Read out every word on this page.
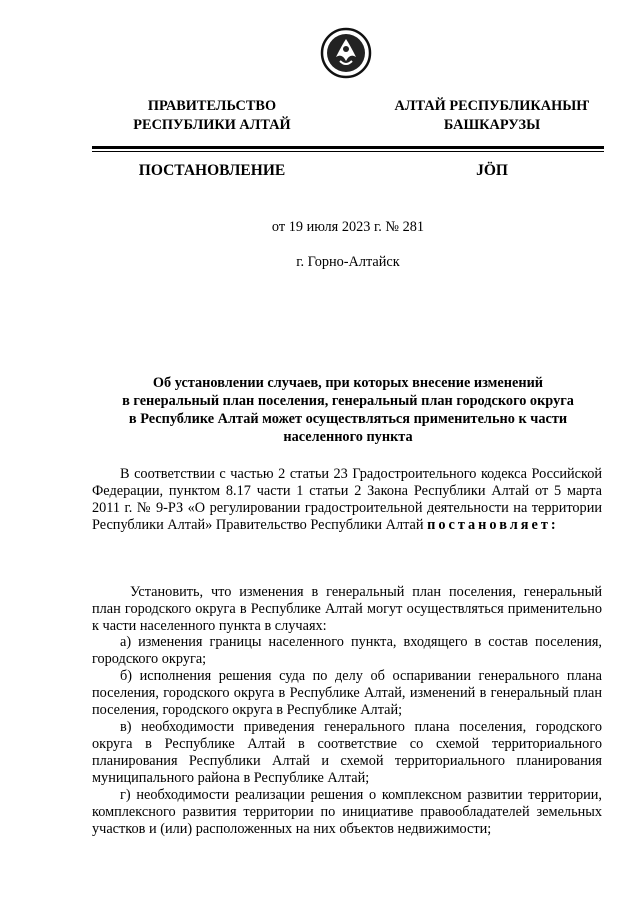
ПРАВИТЕЛЬСТВО
РЕСПУБЛИКИ АЛТАЙ
АЛТАЙ РЕСПУБЛИКАНЫҤ
БАШКАРУЗЫ
ПОСТАНОВЛЕНИЕ	JÖП
от 19 июля 2023 г. № 281
г. Горно-Алтайск
Об установлении случаев, при которых внесение изменений
в генеральный план поселения, генеральный план городского округа
в Республике Алтай может осуществляться применительно к части
населенного пункта
В соответствии с частью 2 статьи 23 Градостроительного кодекса Российской Федерации, пунктом 8.17 части 1 статьи 2 Закона Республики Алтай от 5 марта 2011 г. № 9-РЗ «О регулировании градостроительной деятельности на территории Республики Алтай» Правительство Республики Алтай постановляет:
Установить, что изменения в генеральный план поселения, генеральный план городского округа в Республике Алтай могут осуществляться применительно к части населенного пункта в случаях:
а) изменения границы населенного пункта, входящего в состав поселения, городского округа;
б) исполнения решения суда по делу об оспаривании генерального плана поселения, городского округа в Республике Алтай, изменений в генеральный план поселения, городского округа в Республике Алтай;
в) необходимости приведения генерального плана поселения, городского округа в Республике Алтай в соответствие со схемой территориального планирования Республики Алтай и схемой территориального планирования муниципального района в Республике Алтай;
г) необходимости реализации решения о комплексном развитии территории, комплексного развития территории по инициативе правообладателей земельных участков и (или) расположенных на них объектов недвижимости;
